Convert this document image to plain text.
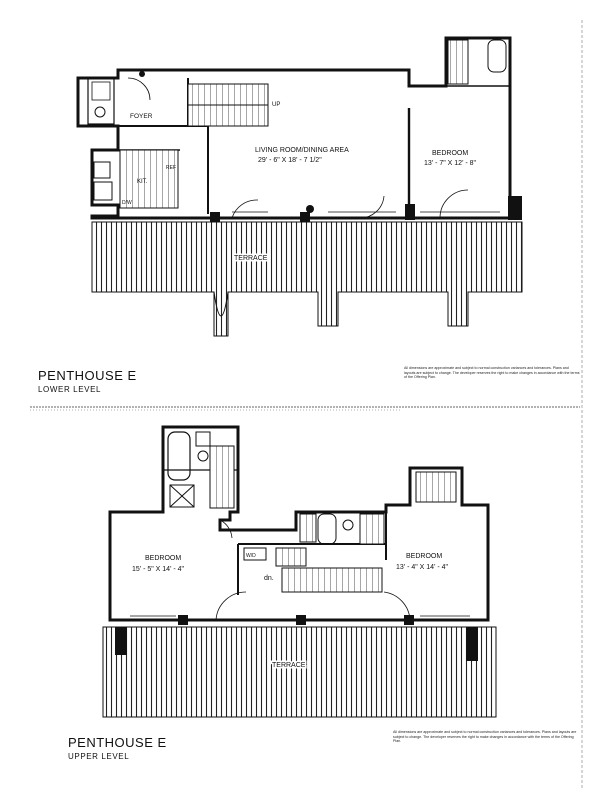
FOYER
LIVING ROOM/DINING AREA
29' - 6" X 18' - 7 1/2"
BEDROOM
13' - 7" X 12' - 8"
KIT.
UP
D/W
REF
TERRACE
BEDROOM
15' - 5" X 14' - 4"
BEDROOM
13' - 4" X 14' - 4"
W/D
dn.
TERRACE
PENTHOUSE E
LOWER LEVEL
All dimensions are approximate and subject to normal construction variances and tolerances. Plans and layouts are subject to change. The developer reserves the right to make changes in accordance with the terms of the Offering Plan.
PENTHOUSE E
UPPER LEVEL
All dimensions are approximate and subject to normal construction variances and tolerances. Plans and layouts are subject to change. The developer reserves the right to make changes in accordance with the terms of the Offering Plan.
